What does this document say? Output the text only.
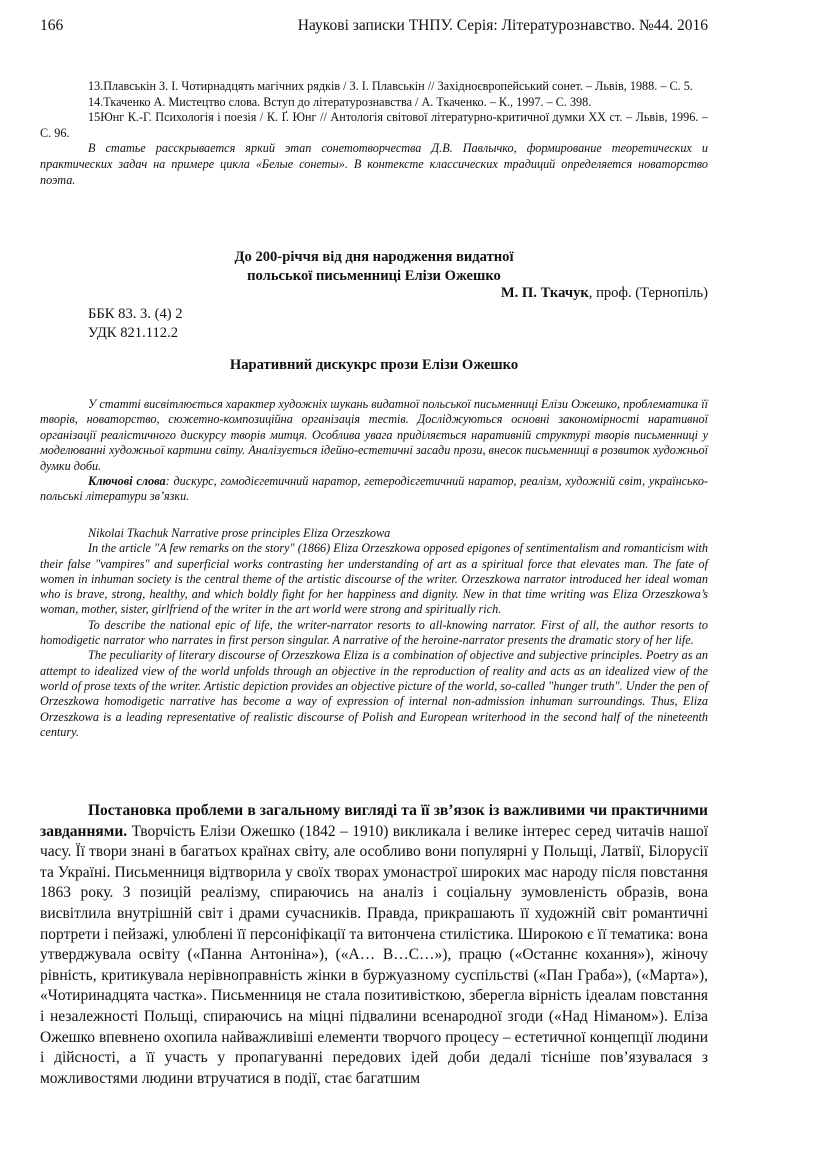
166	Наукові записки ТНПУ. Серія: Літературознавство. №44. 2016

13.Плавськін З. І. Чотирнадцять магічних рядків / З. І. Плавськін // Західноєвропейський сонет. – Львів, 1988. – С. 5.

14.Ткаченко А. Мистецтво слова. Вступ до літературознавства / А. Ткаченко. – К., 1997. – С. 398.

15Юнг К.-Г. Психологія і поезія / К. Ґ. Юнг // Антологія світової літературно-критичної думки ХХ ст. – Львів, 1996. – С. 96.

В статье расскрывается яркий этап сонетотворчества Д.В. Павлычко, формирование теоретических и практических задач на примере цикла «Белые сонеты». В контексте классических традиций определяется новаторство поэта.

До 200-річчя від дня народження видатної
польської письменниці Елізи Ожешко
М. П. Ткачук, проф. (Тернопіль)
ББК 83. 3. (4) 2
УДК 821.112.2
Наративний дискукрс прози Елізи Ожешко

У статті висвітлюється характер художніх шукань видатної польської письменниці Елізи Ожешко, проблематика її творів, новаторство, сюжетно-композиційна організація тестів. Досліджуються основні закономірності наративної організації реалістичного дискурсу творів митця. Особлива увага приділяється наративній структурі творів письменниці у моделюванні художньої картини світу. Аналізується ідейно-естетичні засади прози, внесок письменниці в розвиток художньої думки доби.

Ключові слова: дискурс, гомодієгетичний наратор, гетеродієгетичний наратор, реалізм, художній світ, українсько-польські літератури зв’язки.

Nikolai Tkachuk Narrative prose principles Eliza Orzeszkowa

In the article "A few remarks on the story" (1866) Eliza Orzeszkowa opposed epigones of sentimentalism and romanticism with their false "vampires" and superficial works contrasting her understanding of art as a spiritual force that elevates man. The fate of women in inhuman society is the central theme of the artistic discourse of the writer. Orzeszkowa narrator introduced her ideal woman who is brave, strong, healthy, and which boldly fight for her happiness and dignity. New in that time writing was Eliza Orzeszkowa’s woman, mother, sister, girlfriend of the writer in the art world were strong and spiritually rich.

To describe the national epic of life, the writer-narrator resorts to all-knowing narrator. First of all, the author resorts to homodigetic narrator who narrates in first person singular. A narrative of the heroine-narrator presents the dramatic story of her life.

The peculiarity of literary discourse of Orzeszkowa Eliza is a combination of objective and subjective principles. Poetry as an attempt to idealized view of the world unfolds through an objective in the reproduction of reality and acts as an idealized view of the world of prose texts of the writer. Artistic depiction provides an objective picture of the world, so-called "hunger truth". Under the pen of Orzeszkowa homodigetic narrative has become a way of expression of internal non-admission inhuman surroundings. Thus, Eliza Orzeszkowa is a leading representative of realistic discourse of Polish and European writerhood in the second half of the nineteenth century.

Постановка проблеми в загальному вигляді та її зв’язок із важливими чи практичними завданнями. Творчість Елізи Ожешко (1842 – 1910) викликала і велике інтерес серед читачів нашої часу. Її твори знані в багатьох країнах світу, але особливо вони популярні у Польщі, Латвії, Білорусії та Україні. Письменниця відтворила у своїх творах умонастрої широких мас народу після повстання 1863 року. З позицій реалізму, спираючись на аналіз і соціальну зумовленість образів, вона висвітлила внутрішній світ і драми сучасників. Правда, прикрашають її художній світ романтичні портрети і пейзажі, улюблені її персоніфікації та витончена стилістика. Широкою є її тематика: вона утверджувала освіту («Панна Антоніна»), («А… В…С…»), працю («Останнє кохання»), жіночу рівність, критикувала нерівноправність жінки в буржуазному суспільстві («Пан Граба»), («Марта»), «Чотиринадцята частка». Письменниця не стала позитивісткою, зберегла вірність ідеалам повстання і незалежності Польщі, спираючись на міцні підвалини всенародної згоди («Над Німаном»). Еліза Ожешко впевнено охопила найважливіші елементи творчого процесу – естетичної концепції людини і дійсності, а її участь у пропагуванні передових ідей доби дедалі тісніше пов’язувалася з можливостями людини втручатися в події, стає багатшим
